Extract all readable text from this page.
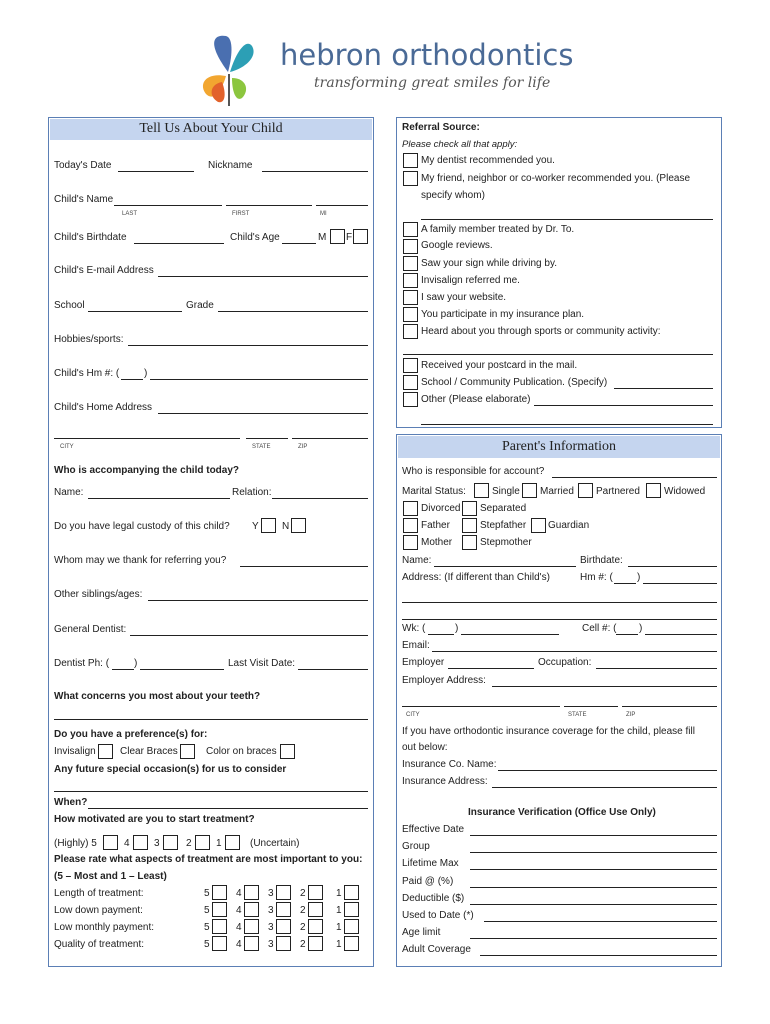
hebron orthodontics
transforming great smiles for life
Tell Us About Your Child
Today's Date	Nickname
Child's Name
LAST	FIRST	MI
Child's Birthdate	Child's Age	M F
Child's E-mail Address
School	Grade
Hobbies/sports:
Child's Hm #: ( )
Child's Home Address
CITY	STATE	ZIP
Who is accompanying the child today?
Name:	Relation:
Do you have legal custody of this child? Y N
Whom may we thank for referring you?
Other siblings/ages:
General Dentist:
Dentist Ph: ( )	Last Visit Date:
What concerns you most about your teeth?
Do you have a preference(s) for:
Invisalign Clear Braces	Color on braces
Any future special occasion(s) for us to consider
When?
How motivated are you to start treatment?
(Highly) 5	4 3	2 1	(Uncertain)
Please rate what aspects of treatment are most important to you:
(5 – Most and 1 – Least)
Length of treatment:	5	4	3	2	1
Low down payment:	5	4	3	2	1
Low monthly payment:	5	4	3	2	1
Quality of treatment:	5	4	3	2	1
Referral Source:
Please check all that apply:
My dentist recommended you.
My friend, neighbor or co-worker recommended you. (Please
specify whom)
A family member treated by Dr. To.
Google reviews.
Saw your sign while driving by.
Invisalign referred me.
I saw your website.
You participate in my insurance plan.
Heard about you through sports or community activity:
Received your postcard in the mail.
School / Community Publication. (Specify)
Other (Please elaborate)
Parent's Information
Who is responsible for account?
Marital Status:	Single Married Partnered Widowed
Divorced Separated
Father	Stepfather Guardian
Mother	Stepmother
Name:	Birthdate:
Address: (If different than Child's)	Hm #: ( )
Wk: (	)	Cell #: ( )
Email:
Employer	Occupation:
Employer Address:
CITY	STATE	ZIP
If you have orthodontic insurance coverage for the child, please fill
out below:
Insurance Co. Name:
Insurance Address:
Insurance Verification (Office Use Only)
Effective Date
Group
Lifetime Max
Paid @ (%)
Deductible ($)
Used to Date (*)
Age limit
Adult Coverage
